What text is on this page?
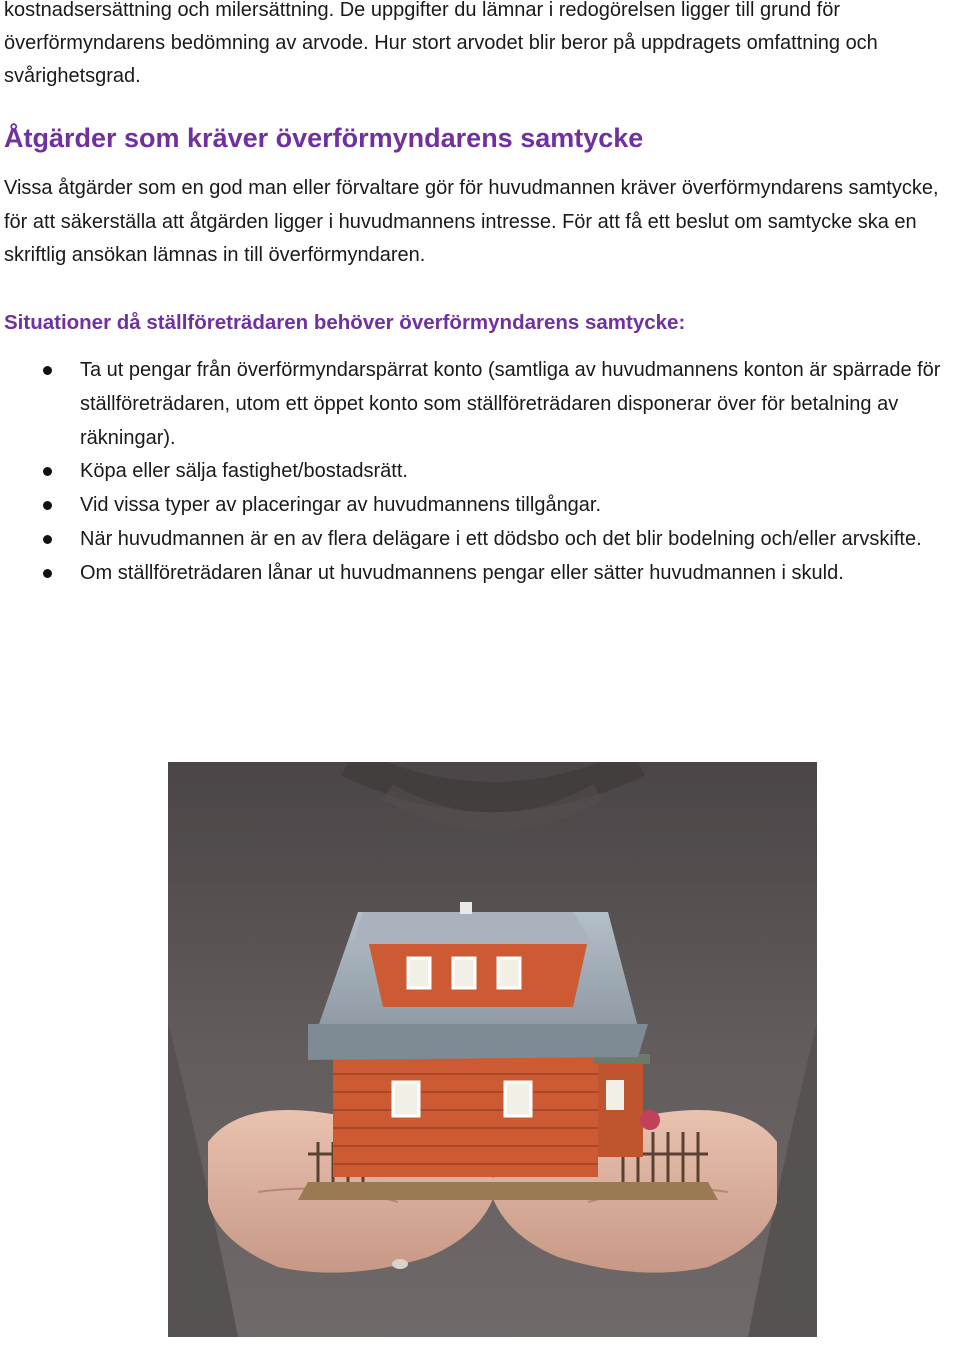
kostnadsersättning och milersättning. De uppgifter du lämnar i redogörelsen ligger till grund för överförmyndarens bedömning av arvode. Hur stort arvodet blir beror på uppdragets omfattning och svårighetsgrad.

Åtgärder som kräver överförmyndarens samtycke
Vissa åtgärder som en god man eller förvaltare gör för huvudmannen kräver överförmyndarens samtycke, för att säkerställa att åtgärden ligger i huvudmannens intresse. För att få ett beslut om samtycke ska en skriftlig ansökan lämnas in till överförmyndaren.
Situationer då ställföreträdaren behöver överförmyndarens samtycke:
Ta ut pengar från överförmyndarspärrat konto (samtliga av huvudmannens konton är spärrade för ställföreträdaren, utom ett öppet konto som ställföreträdaren disponerar över för betalning av räkningar).
Köpa eller sälja fastighet/bostadsrätt.
Vid vissa typer av placeringar av huvudmannens tillgångar.
När huvudmannen är en av flera delägare i ett dödsbo och det blir bodelning och/eller arvskifte.
Om ställföreträdaren lånar ut huvudmannens pengar eller sätter huvudmannen i skuld.
